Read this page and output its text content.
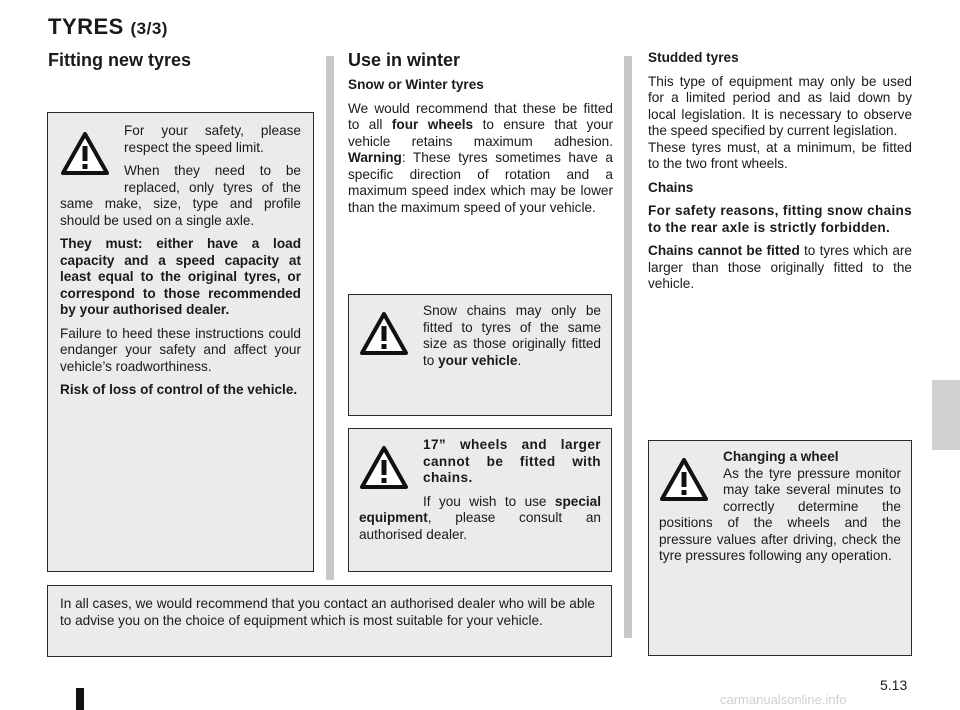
TYRES (3/3)
Fitting new tyres

For your safety, please respect the speed limit.

When they need to be replaced, only tyres of the same make, size, type and profile should be used on a single axle.

They must: either have a load capacity and a speed capacity at least equal to the original tyres, or correspond to those recommended by your authorised dealer.

Failure to heed these instructions could endanger your safety and affect your vehicle’s roadworthiness.

Risk of loss of control of the vehicle.

In all cases, we would recommend that you contact an authorised dealer who will be able to advise you on the choice of equipment which is most suitable for your vehicle.

Use in winter

Snow or Winter tyres

We would recommend that these be fitted to all four wheels to ensure that your vehicle retains maximum adhesion. Warning: These tyres sometimes have a specific direction of rotation and a maximum speed index which may be lower than the maximum speed of your vehicle.

Snow chains may only be fitted to tyres of the same size as those originally fitted to your vehicle.

17” wheels and larger cannot be fitted with chains.

If you wish to use special equipment, please consult an authorised dealer.

Studded tyres

This type of equipment may only be used for a limited period and as laid down by local legislation. It is necessary to observe the speed specified by current legislation.

These tyres must, at a minimum, be fitted to the two front wheels.

Chains

For safety reasons, fitting snow chains to the rear axle is strictly forbidden.

Chains cannot be fitted to tyres which are larger than those originally fitted to the vehicle.

Changing a wheel

As the tyre pressure monitor may take several minutes to correctly determine the positions of the wheels and the pressure values after driving, check the tyre pressures following any operation.

5.13
carmanualsonline.info
